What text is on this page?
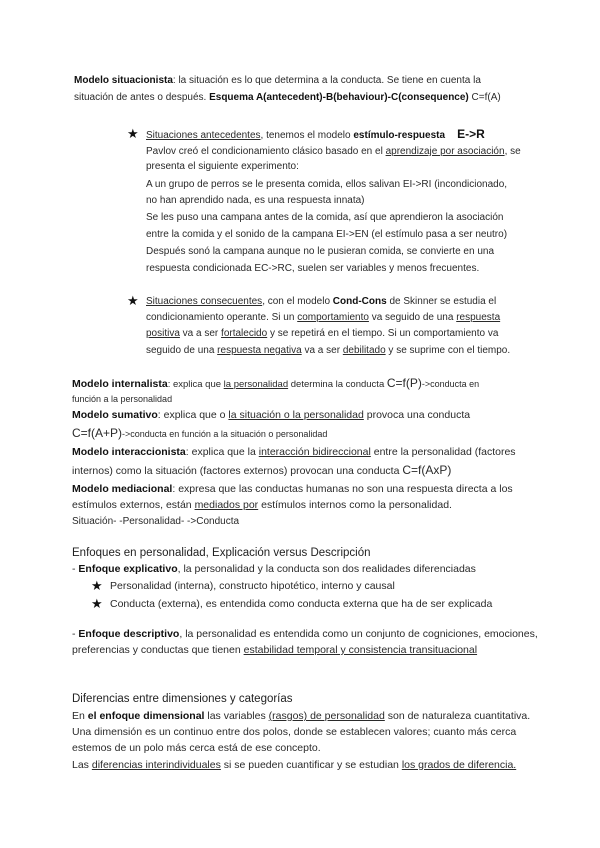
Modelo situacionista: la situación es lo que determina a la conducta. Se tiene en cuenta la
situación de antes o después. Esquema A(antecedent)-B(behaviour)-C(consequence) C=f(A)
★ Situaciones antecedentes, tenemos el modelo estímulo-respuesta E->R
Pavlov creó el condicionamiento clásico basado en el aprendizaje por asociación, se
presenta el siguiente experimento:
A un grupo de perros se le presenta comida, ellos salivan EI->RI (incondicionado,
no han aprendido nada, es una respuesta innata)
Se les puso una campana antes de la comida, así que aprendieron la asociación
entre la comida y el sonido de la campana EI->EN (el estímulo pasa a ser neutro)
Después sonó la campana aunque no le pusieran comida, se convierte en una
respuesta condicionada EC->RC, suelen ser variables y menos frecuentes.
★ Situaciones consecuentes, con el modelo Cond-Cons de Skinner se estudia el
condicionamiento operante. Si un comportamiento va seguido de una respuesta
positiva va a ser fortalecido y se repetirá en el tiempo. Si un comportamiento va
seguido de una respuesta negativa va a ser debilitado y se suprime con el tiempo.
Modelo internalista: explica que la personalidad determina la conducta C=f(P)->conducta en
función a la personalidad
Modelo sumativo: explica que o la situación o la personalidad provoca una conducta
C=f(A+P)->conducta en función a la situación o personalidad
Modelo interaccionista: explica que la interacción bidireccional entre la personalidad (factores
internos) como la situación (factores externos) provocan una conducta C=f(AxP)
Modelo mediacional: expresa que las conductas humanas no son una respuesta directa a los
estímulos externos, están mediados por estímulos internos como la personalidad.
Situación- -Personalidad- ->Conducta
Enfoques en personalidad, Explicación versus Descripción
- Enfoque explicativo, la personalidad y la conducta son dos realidades diferenciadas
★ Personalidad (interna), constructo hipotético, interno y causal
★ Conducta (externa), es entendida como conducta externa que ha de ser explicada
- Enfoque descriptivo, la personalidad es entendida como un conjunto de cogniciones, emociones,
preferencias y conductas que tienen estabilidad temporal y consistencia transituacional
Diferencias entre dimensiones y categorías
En el enfoque dimensional las variables (rasgos) de personalidad son de naturaleza cuantitativa.
Una dimensión es un continuo entre dos polos, donde se establecen valores; cuanto más cerca
estemos de un polo más cerca está de ese concepto.
Las diferencias interindividuales si se pueden cuantificar y se estudian los grados de diferencia.
